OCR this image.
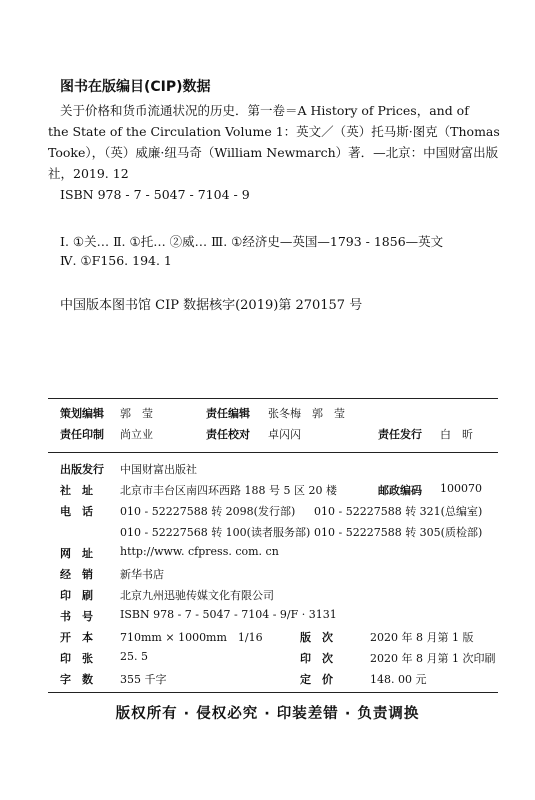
图书在版编目(CIP)数据
关于价格和货币流通状况的历史．第一卷＝A History of Prices，and of
the State of the Circulation Volume 1：英文／（英）托马斯·图克（Thomas
Tooke），（英）威廉·纽马奇（William Newmarch）著．—北京：中国财富出版
社，2019. 12
ISBN 978 - 7 - 5047 - 7104 - 9
Ⅰ. ①关… Ⅱ. ①托… ②威… Ⅲ. ①经济史—英国—1793 - 1856—英文
Ⅳ. ①F156. 194. 1
中国版本图书馆 CIP 数据核字(2019)第 270157 号
策划编辑 郭　莹	责任编辑 张冬梅　郭　莹
责任印制 尚立业	责任校对 卓闪闪	责任发行 白　昕
出版发行 中国财富出版社
社　址 北京市丰台区南四环西路 188 号 5 区 20 楼	邮政编码 100070
电　话 010 - 52227588 转 2098(发行部) 010 - 52227588 转 321(总编室)
010 - 52227568 转 100(读者服务部) 010 - 52227588 转 305(质检部)
网　址 http://www. cfpress. com. cn
经　销 新华书店
印　刷 北京九州迅驰传媒文化有限公司
书　号 ISBN 978 - 7 - 5047 - 7104 - 9/F · 3131
开　本 710mm × 1000mm　1/16	版　次	2020 年 8 月第 1 版
印　张 25. 5	印　次	2020 年 8 月第 1 次印刷
字　数 355 千字	定　价	148. 00 元
版权所有 · 侵权必究 · 印装差错 · 负责调换
